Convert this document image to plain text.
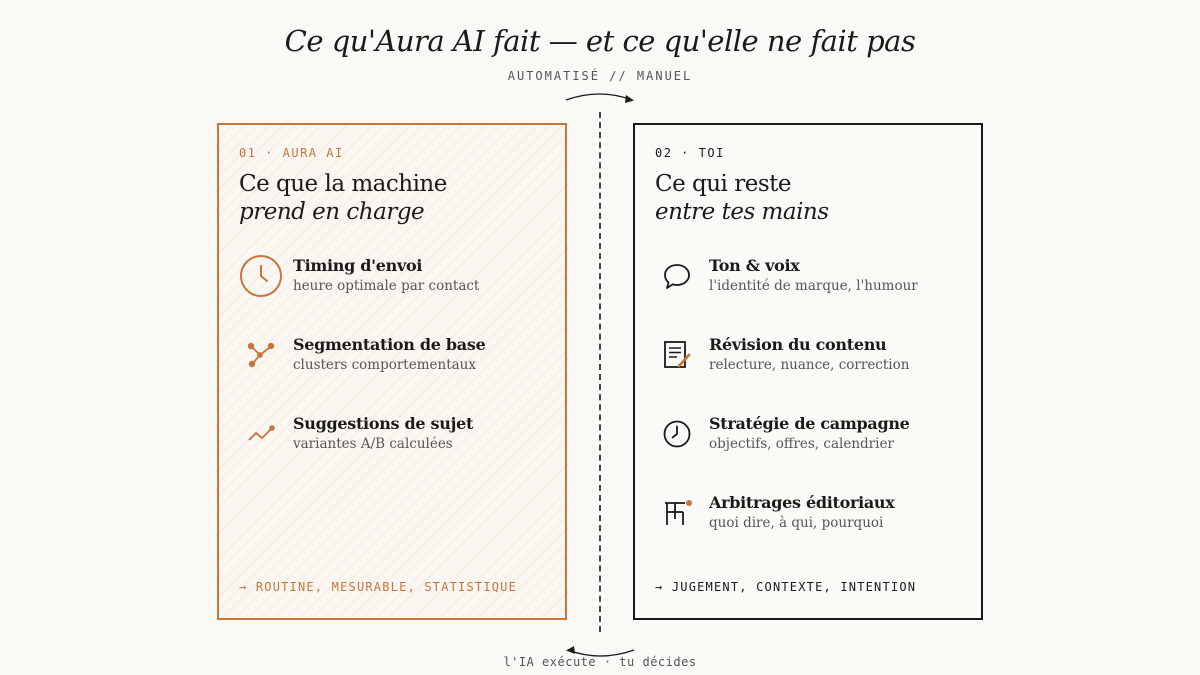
Ce qu'Aura AI fait — et ce qu'elle ne fait pas
AUTOMATISÉ // MANUEL
01 · AURA AI
Ce que la machine
prend en charge
Timing d'envoi
heure optimale par contact
Segmentation de base
clusters comportementaux
Suggestions de sujet
variantes A/B calculées
→ ROUTINE, MESURABLE, STATISTIQUE
02 · TOI
Ce qui reste
entre tes mains
Ton & voix
l'identité de marque, l'humour
Révision du contenu
relecture, nuance, correction
Stratégie de campagne
objectifs, offres, calendrier
Arbitrages éditoriaux
quoi dire, à qui, pourquoi
→ JUGEMENT, CONTEXTE, INTENTION
l'IA exécute · tu décides
